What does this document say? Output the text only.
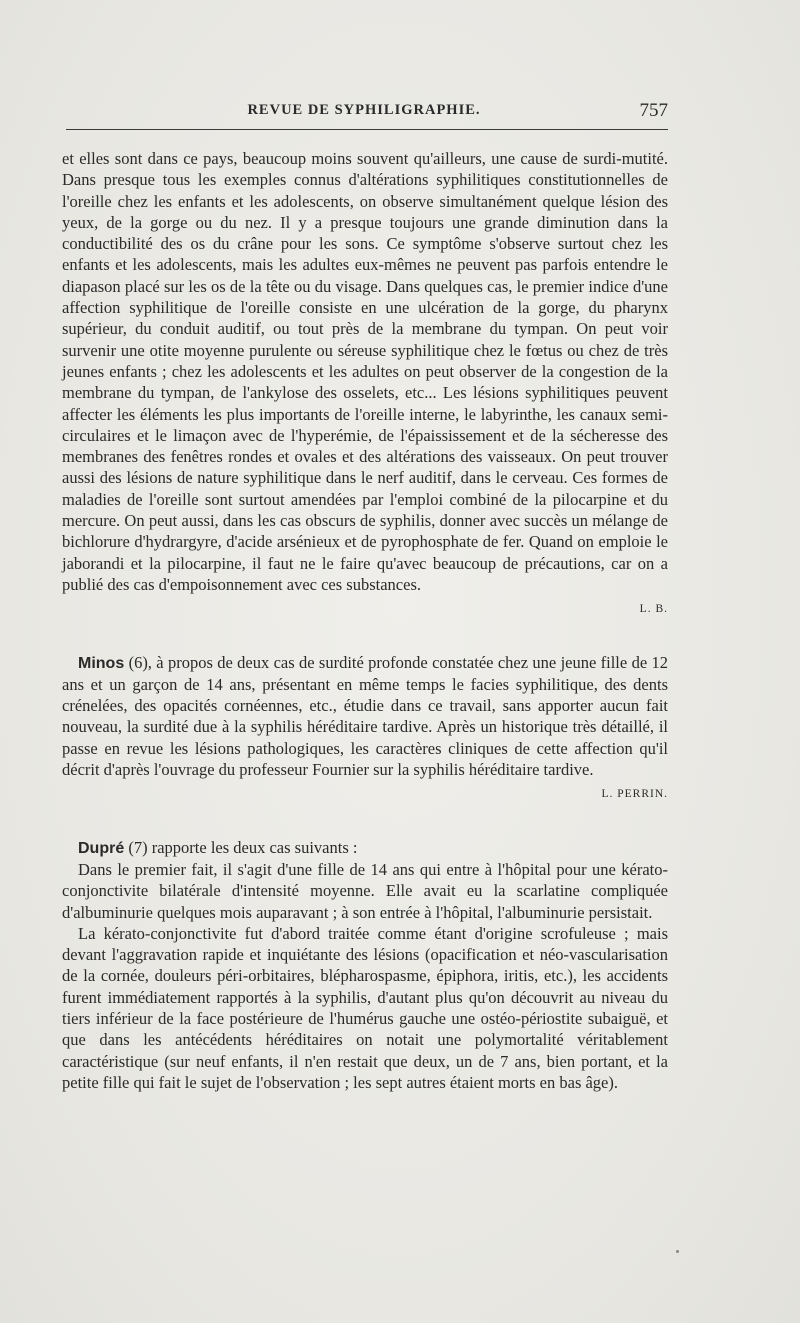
REVUE DE SYPHILIGRAPHIE.	757

et elles sont dans ce pays, beaucoup moins souvent qu'ailleurs, une cause de surdi-mutité. Dans presque tous les exemples connus d'altérations syphilitiques constitutionnelles de l'oreille chez les enfants et les adolescents, on observe simultanément quelque lésion des yeux, de la gorge ou du nez. Il y a presque toujours une grande diminution dans la conductibilité des os du crâne pour les sons. Ce symptôme s'observe surtout chez les enfants et les adolescents, mais les adultes eux-mêmes ne peuvent pas parfois entendre le diapason placé sur les os de la tête ou du visage. Dans quelques cas, le premier indice d'une affection syphilitique de l'oreille consiste en une ulcération de la gorge, du pharynx supérieur, du conduit auditif, ou tout près de la membrane du tympan. On peut voir survenir une otite moyenne purulente ou séreuse syphilitique chez le fœtus ou chez de très jeunes enfants ; chez les adolescents et les adultes on peut observer de la congestion de la membrane du tympan, de l'ankylose des osselets, etc... Les lésions syphilitiques peuvent affecter les éléments les plus importants de l'oreille interne, le labyrinthe, les canaux semi-circulaires et le limaçon avec de l'hyperémie, de l'épaississement et de la sécheresse des membranes des fenêtres rondes et ovales et des altérations des vaisseaux. On peut trouver aussi des lésions de nature syphilitique dans le nerf auditif, dans le cerveau. Ces formes de maladies de l'oreille sont surtout amendées par l'emploi combiné de la pilocarpine et du mercure. On peut aussi, dans les cas obscurs de syphilis, donner avec succès un mélange de bichlorure d'hydrargyre, d'acide arsénieux et de pyrophosphate de fer. Quand on emploie le jaborandi et la pilocarpine, il faut ne le faire qu'avec beaucoup de précautions, car on a publié des cas d'empoisonnement avec ces substances.

L. B.

Minos (6), à propos de deux cas de surdité profonde constatée chez une jeune fille de 12 ans et un garçon de 14 ans, présentant en même temps le facies syphilitique, des dents crénelées, des opacités cornéennes, etc., étudie dans ce travail, sans apporter aucun fait nouveau, la surdité due à la syphilis héréditaire tardive. Après un historique très détaillé, il passe en revue les lésions pathologiques, les caractères cliniques de cette affection qu'il décrit d'après l'ouvrage du professeur Fournier sur la syphilis héréditaire tardive.

L. PERRIN.

Dupré (7) rapporte les deux cas suivants :

Dans le premier fait, il s'agit d'une fille de 14 ans qui entre à l'hôpital pour une kérato-conjonctivite bilatérale d'intensité moyenne. Elle avait eu la scarlatine compliquée d'albuminurie quelques mois auparavant ; à son entrée à l'hôpital, l'albuminurie persistait.

La kérato-conjonctivite fut d'abord traitée comme étant d'origine scrofuleuse ; mais devant l'aggravation rapide et inquiétante des lésions (opacification et néo-vascularisation de la cornée, douleurs péri-orbitaires, blépharospasme, épiphora, iritis, etc.), les accidents furent immédiatement rapportés à la syphilis, d'autant plus qu'on découvrit au niveau du tiers inférieur de la face postérieure de l'humérus gauche une ostéo-périostite subaiguë, et que dans les antécédents héréditaires on notait une polymortalité véritablement caractéristique (sur neuf enfants, il n'en restait que deux, un de 7 ans, bien portant, et la petite fille qui fait le sujet de l'observation ; les sept autres étaient morts en bas âge).
